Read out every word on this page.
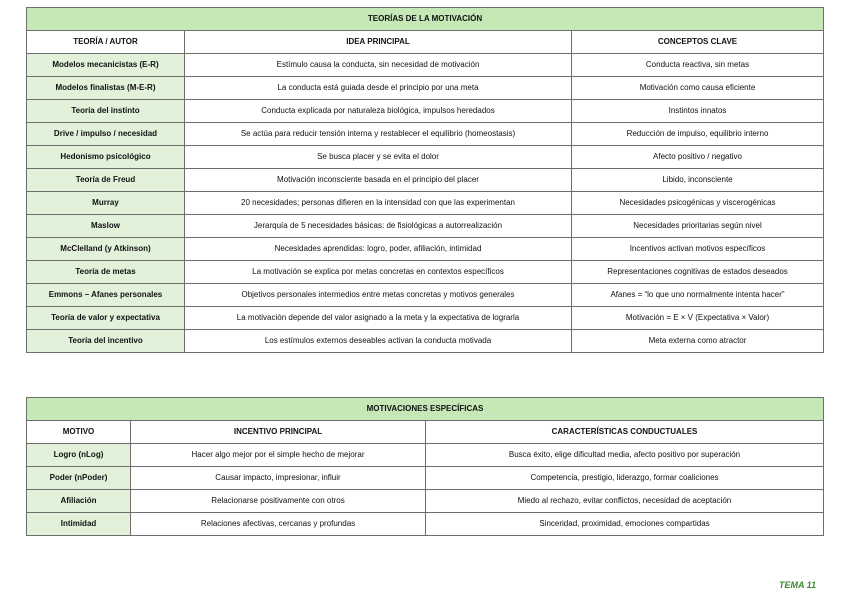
TEORÍAS DE LA MOTIVACIÓN		
TEORÍA / AUTOR	IDEA PRINCIPAL	CONCEPTOS CLAVE
Modelos mecanicistas (E-R)	Estímulo causa la conducta, sin necesidad de motivación	Conducta reactiva, sin metas
Modelos finalistas (M-E-R)	La conducta está guiada desde el principio por una meta	Motivación como causa eficiente
Teoría del instinto	Conducta explicada por naturaleza biológica, impulsos heredados	Instintos innatos
Drive / impulso / necesidad	Se actúa para reducir tensión interna y restablecer el equilibrio (homeostasis)	Reducción de impulso, equilibrio interno
Hedonismo psicológico	Se busca placer y se evita el dolor	Afecto positivo / negativo
Teoría de Freud	Motivación inconsciente basada en el principio del placer	Libido, inconsciente
Murray	20 necesidades; personas difieren en la intensidad con que las experimentan	Necesidades psicogénicas y viscerogénicas
Maslow	Jerarquía de 5 necesidades básicas: de fisiológicas a autorrealización	Necesidades prioritarias según nivel
McClelland (y Atkinson)	Necesidades aprendidas: logro, poder, afiliación, intimidad	Incentivos activan motivos específicos
Teoría de metas	La motivación se explica por metas concretas en contextos específicos	Representaciones cognitivas de estados deseados
Emmons – Afanes personales	Objetivos personales intermedios entre metas concretas y motivos generales	Afanes = “lo que uno normalmente intenta hacer”
Teoría de valor y expectativa	La motivación depende del valor asignado a la meta y la expectativa de lograrla	Motivación = E × V (Expectativa × Valor)
Teoría del incentivo	Los estímulos externos deseables activan la conducta motivada	Meta externa como atractor
MOTIVACIONES ESPECÍFICAS		
MOTIVO	INCENTIVO PRINCIPAL	CARACTERÍSTICAS CONDUCTUALES
Logro (nLog)	Hacer algo mejor por el simple hecho de mejorar	Busca éxito, elige dificultad media, afecto positivo por superación
Poder (nPoder)	Causar impacto, impresionar, influir	Competencia, prestigio, liderazgo, formar coaliciones
Afiliación	Relacionarse positivamente con otros	Miedo al rechazo, evitar conflictos, necesidad de aceptación
Intimidad	Relaciones afectivas, cercanas y profundas	Sinceridad, proximidad, emociones compartidas
TEMA 11
